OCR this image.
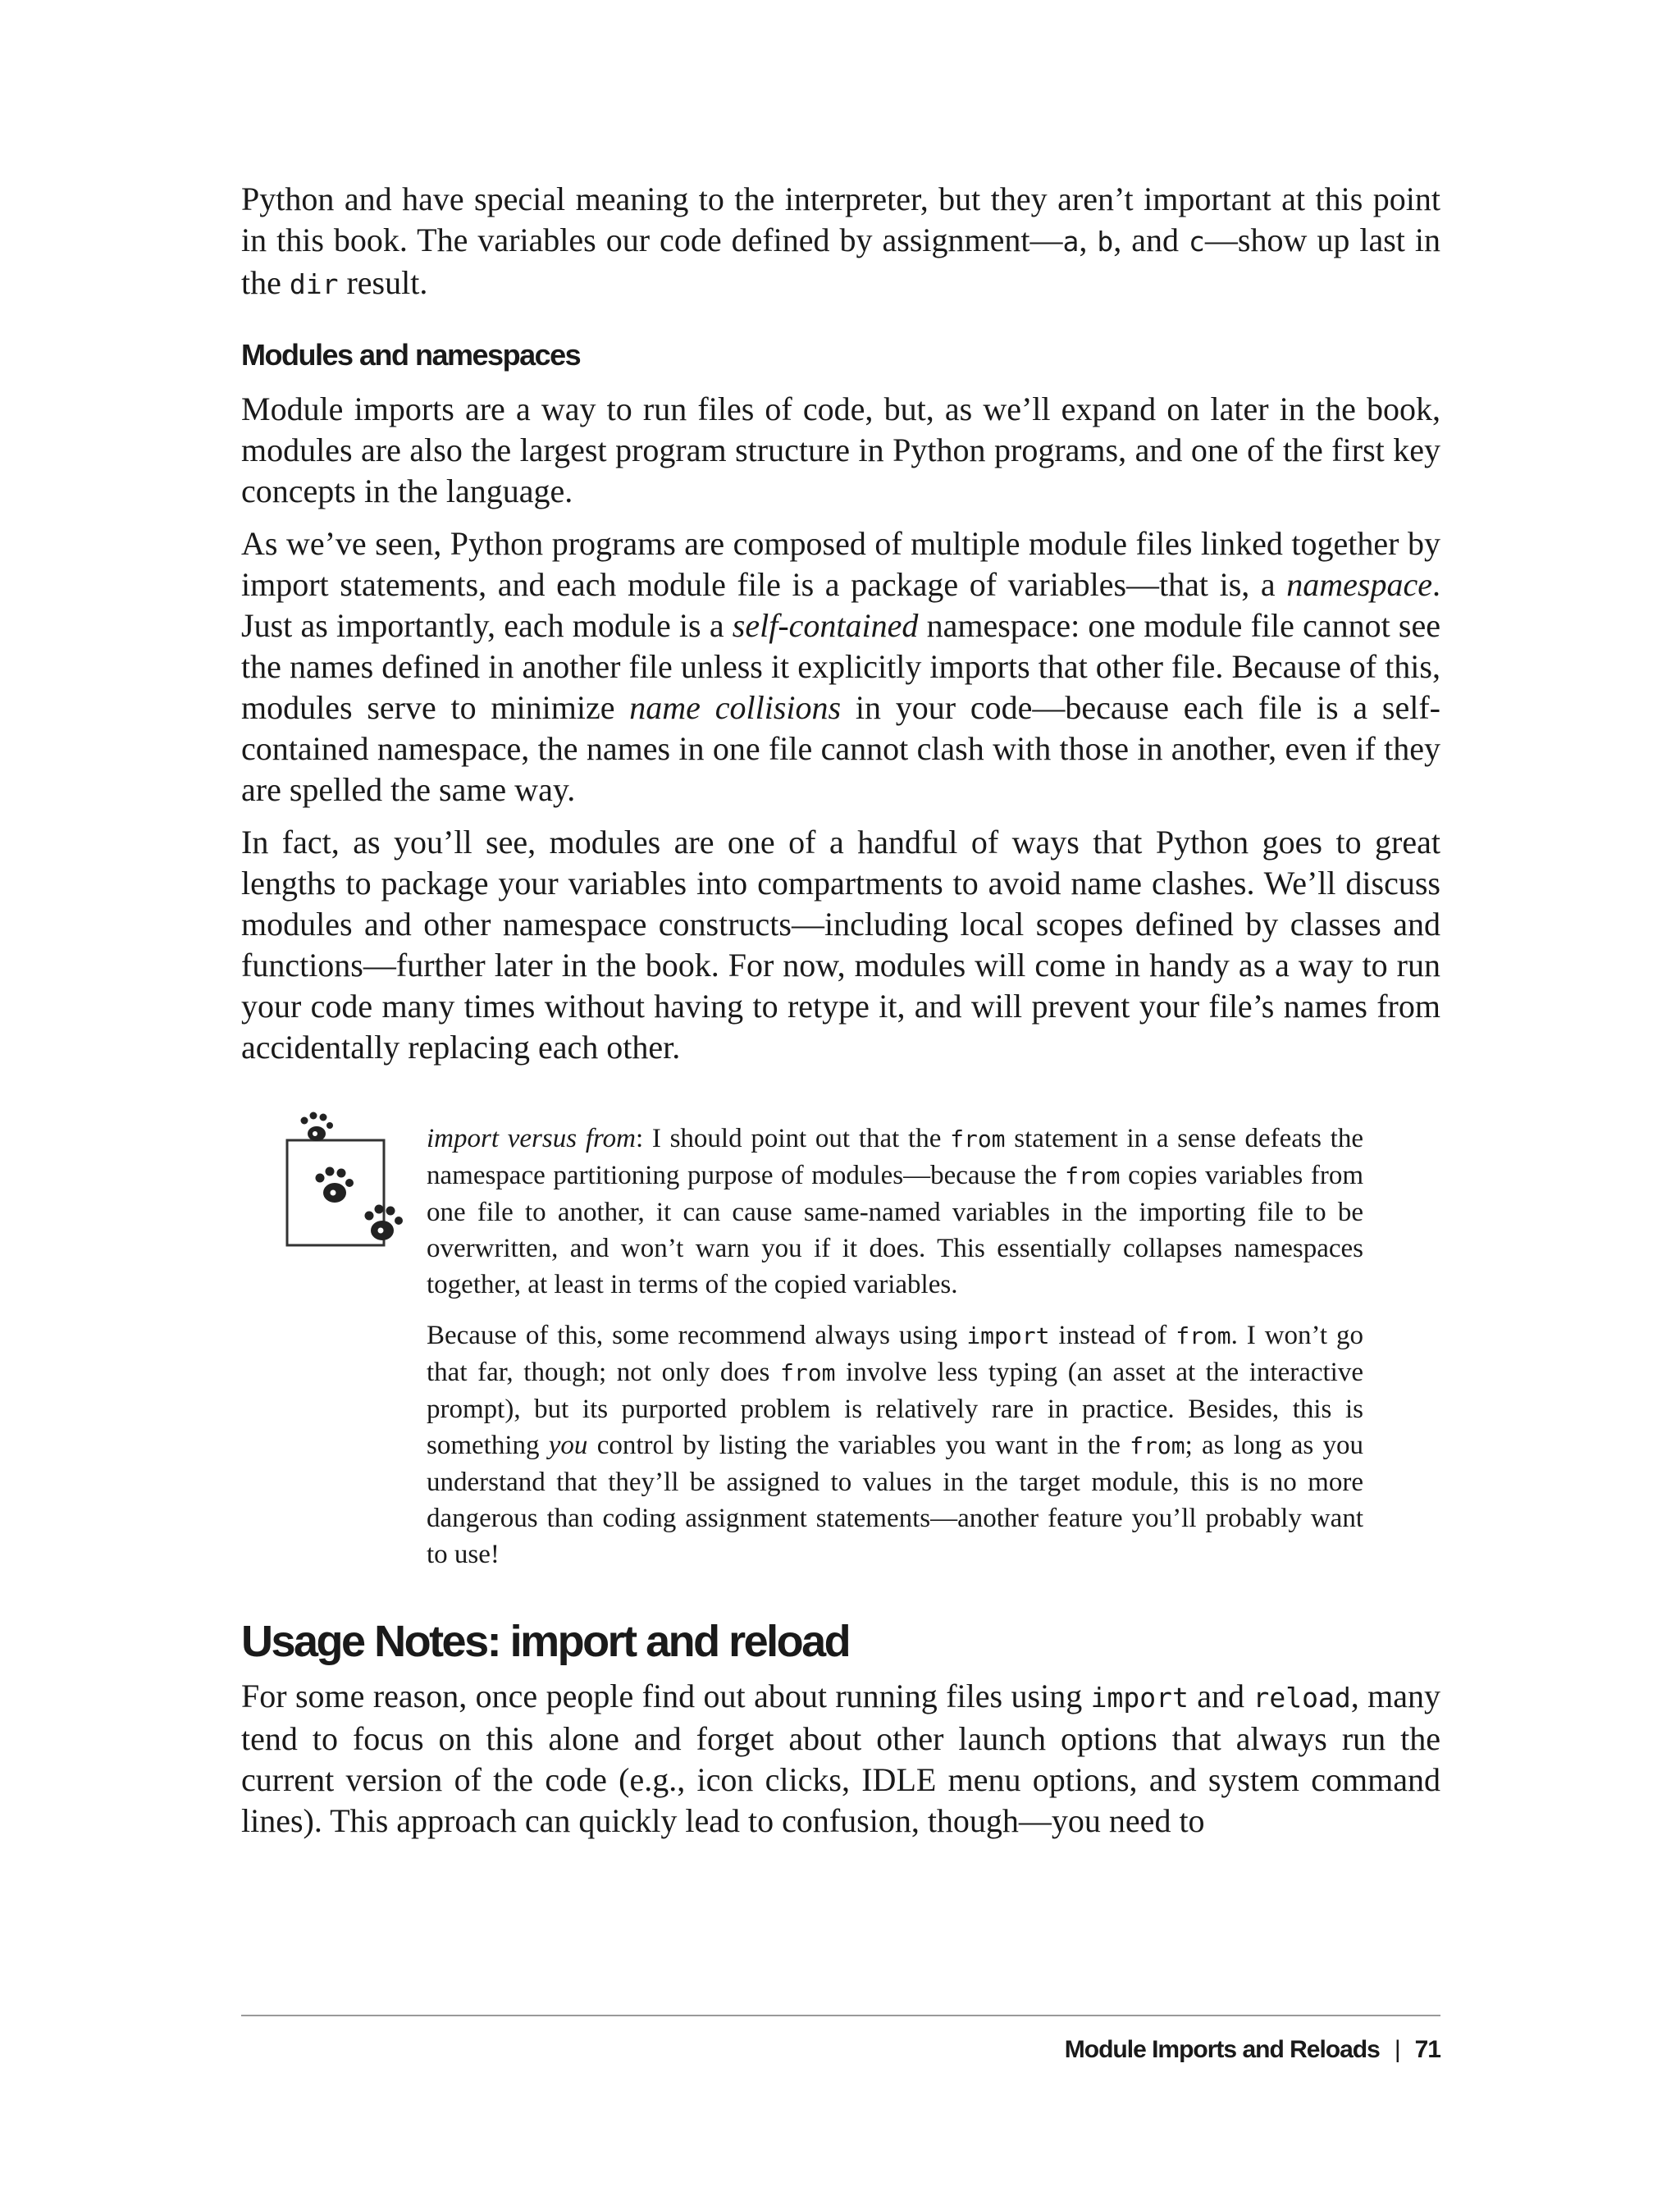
Python and have special meaning to the interpreter, but they aren’t important at this point in this book. The variables our code defined by assignment—a, b, and c—show up last in the dir result.

Modules and namespaces

Module imports are a way to run files of code, but, as we’ll expand on later in the book, modules are also the largest program structure in Python programs, and one of the first key concepts in the language.

As we’ve seen, Python programs are composed of multiple module files linked together by import statements, and each module file is a package of variables—that is, a namespace. Just as importantly, each module is a self-contained namespace: one module file cannot see the names defined in another file unless it explicitly imports that other file. Because of this, modules serve to minimize name collisions in your code—because each file is a self-contained namespace, the names in one file cannot clash with those in another, even if they are spelled the same way.

In fact, as you’ll see, modules are one of a handful of ways that Python goes to great lengths to package your variables into compartments to avoid name clashes. We’ll discuss modules and other namespace constructs—including local scopes defined by classes and functions—further later in the book. For now, modules will come in handy as a way to run your code many times without having to retype it, and will prevent your file’s names from accidentally replacing each other.

import versus from: I should point out that the from statement in a sense defeats the namespace partitioning purpose of modules—because the from copies variables from one file to another, it can cause same-named variables in the importing file to be overwritten, and won’t warn you if it does. This essentially collapses namespaces together, at least in terms of the copied variables.

Because of this, some recommend always using import instead of from. I won’t go that far, though; not only does from involve less typing (an asset at the interactive prompt), but its purported problem is relatively rare in practice. Besides, this is something you control by listing the variables you want in the from; as long as you understand that they’ll be assigned to values in the target module, this is no more dangerous than coding assignment statements—another feature you’ll probably want to use!

Usage Notes: import and reload

For some reason, once people find out about running files using import and reload, many tend to focus on this alone and forget about other launch options that always run the current version of the code (e.g., icon clicks, IDLE menu options, and system command lines). This approach can quickly lead to confusion, though—you need to

Module Imports and Reloads | 71
